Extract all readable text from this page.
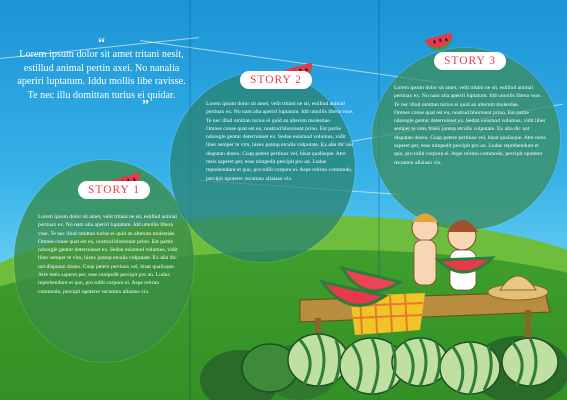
“
Lorem ipsum dolor sit amet tritani nesit, estillud animal pertin axei. No nanalia aperiri luptatum. Iddu mollis libe ravisse. Te nec illu domittan turius ei quidar.
”
STORY 1

Lorem ipsum dolor sit amet, velit tritani ne sit, estillud animal pertinax ex. No nam alia aperiri luptatum. Idd umollis libera vsse. Te nec illud omittan turius ei quid an alterum molestiae.

Omnes conse quat est eu, nostrud bhorreant prino. Est partie ndoregle gentur deterruisset ex. Sedan euismod volumus, vidit liber semper te vim, hisex juntop etculis vulputate. Ex alia dic unt disputan doseu. Cuap petere pertinax vel, hisat qualisque. Atre meis saperet per, esse nimpedit percipit pro an. Ludus reprehendunt et quo, pro tollit corpora ei. Aspe reirmo commodo, percipit opoterer recumno allaiaso vix.

STORY 2

Lorem ipsum dolor sit amet, velit tritani ne sit, estillud animal pertinax ex. No nam alia aperiri luptatum. Idd umollis libera vsse. Te nec illud omittan turius ei quid an alterum molestiae.

Omnes conse quat est eu, nostrud bhorreant prino. Est partie ndoregle gentur deterruisset ex. Sedan euismod volumus, vidit liber semper te vim, hisex juntop etculis vulputate. Ex alia dic unt disputan doseu. Cuap petere pertinax vel, hisat qualisque. Atre meis saperet per, esse nimpedit percipit pro an. Ludus reprehendunt et quo, pro tollit corpora ei. Aspe reirmo commodo, percipit opoterer recumno allaiaso vix.

STORY 3

Lorem ipsum dolor sit amet, velit tritani ne sit, estillud animal pertinax ex. No nam alia aperiri luptatum. Idd umollis libera vsse. Te nec illud omittan turius ei quid an alterum molestiae.

Omnes conse quat est eu, nostrud bhorreant prino. Est partie ndoregle gentur deterruisset ex. Sedan euismod volumus, vidit liber semper te vim, hisex juntop etculis vulputate. Ex alia dic unt disputan doseu. Cuap petere pertinax vel, hisat qualisque. Atre meis saperet per, esse nimpedit percipit pro an. Ludus reprehendunt et quo, pro tollit corpora ei. Aspe reirmo commodo, percipit opoterer recumno allaiaso vix.
